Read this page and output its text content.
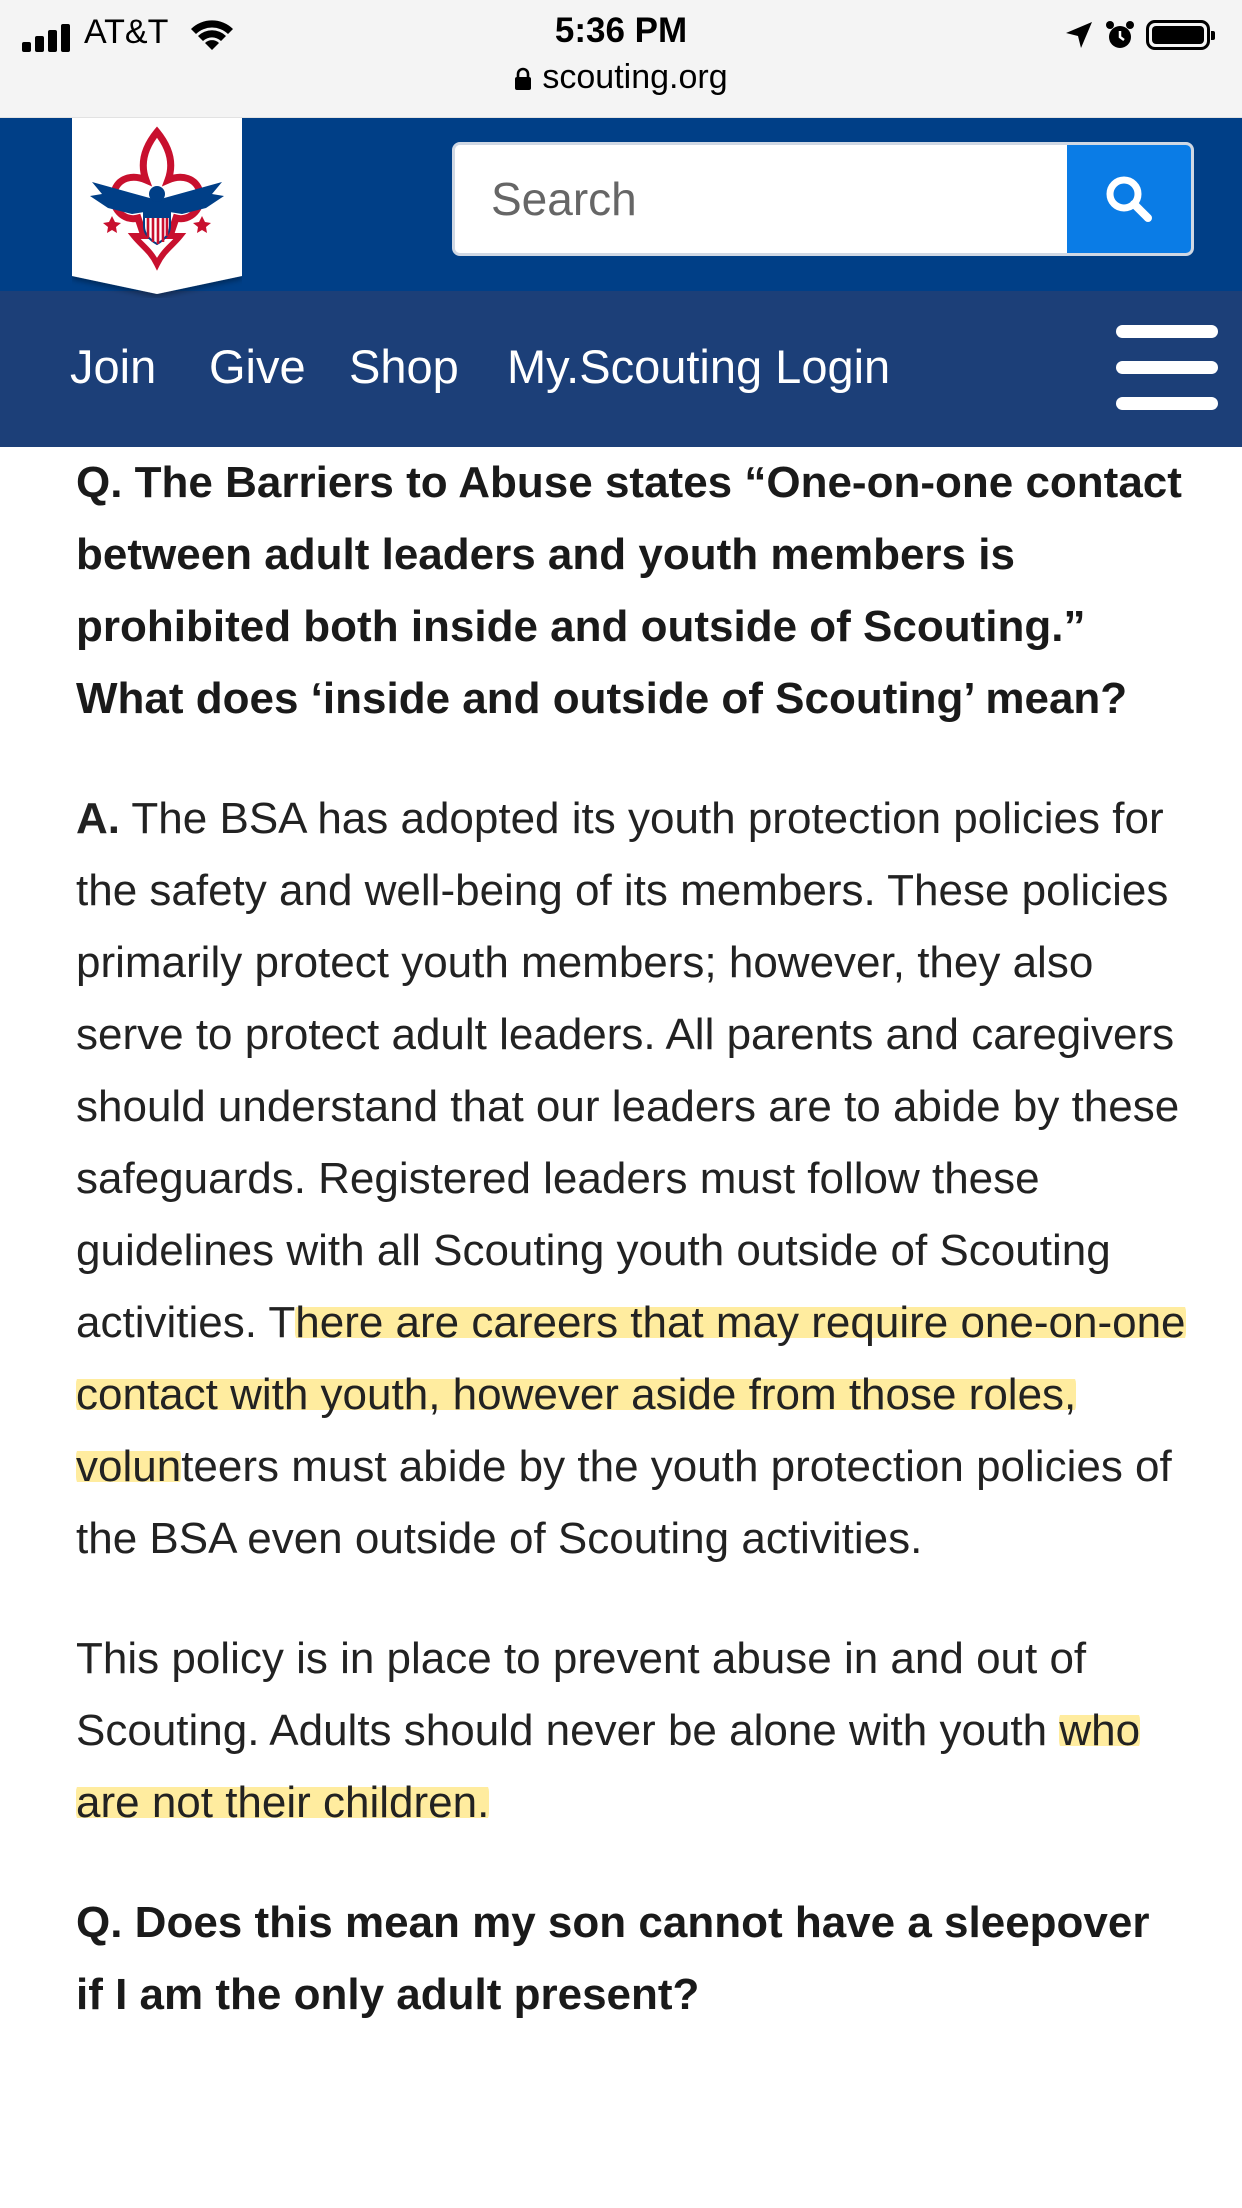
AT&T	5:36 PM
scouting.org
Search
Join Give Shop My.Scouting Login

Q. The Barriers to Abuse states “One-on-one contact between adult leaders and youth members is prohibited both inside and outside of Scouting.” What does ‘inside and outside of Scouting’ mean?

A. The BSA has adopted its youth protection policies for the safety and well-being of its members. These policies primarily protect youth members; however, they also serve to protect adult leaders. All parents and caregivers should understand that our leaders are to abide by these safeguards. Registered leaders must follow these guidelines with all Scouting youth outside of Scouting activities. There are careers that may require one-on-one contact with youth, however aside from those roles, volunteers must abide by the youth protection policies of the BSA even outside of Scouting activities.

This policy is in place to prevent abuse in and out of Scouting. Adults should never be alone with youth who are not their children.

Q. Does this mean my son cannot have a sleepover if I am the only adult present?
